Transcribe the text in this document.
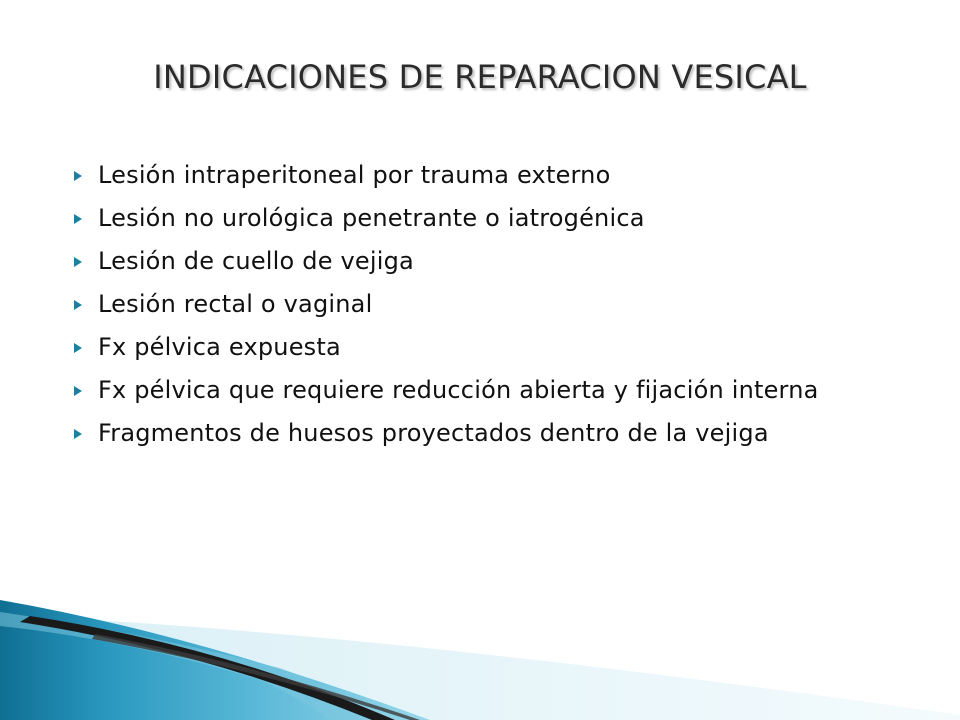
INDICACIONES DE REPARACION VESICAL
Lesión intraperitoneal por trauma externo
Lesión no urológica penetrante o iatrogénica
Lesión de cuello de vejiga
Lesión rectal o vaginal
Fx pélvica expuesta
Fx pélvica que requiere reducción abierta y fijación interna
Fragmentos de huesos proyectados dentro de la vejiga
